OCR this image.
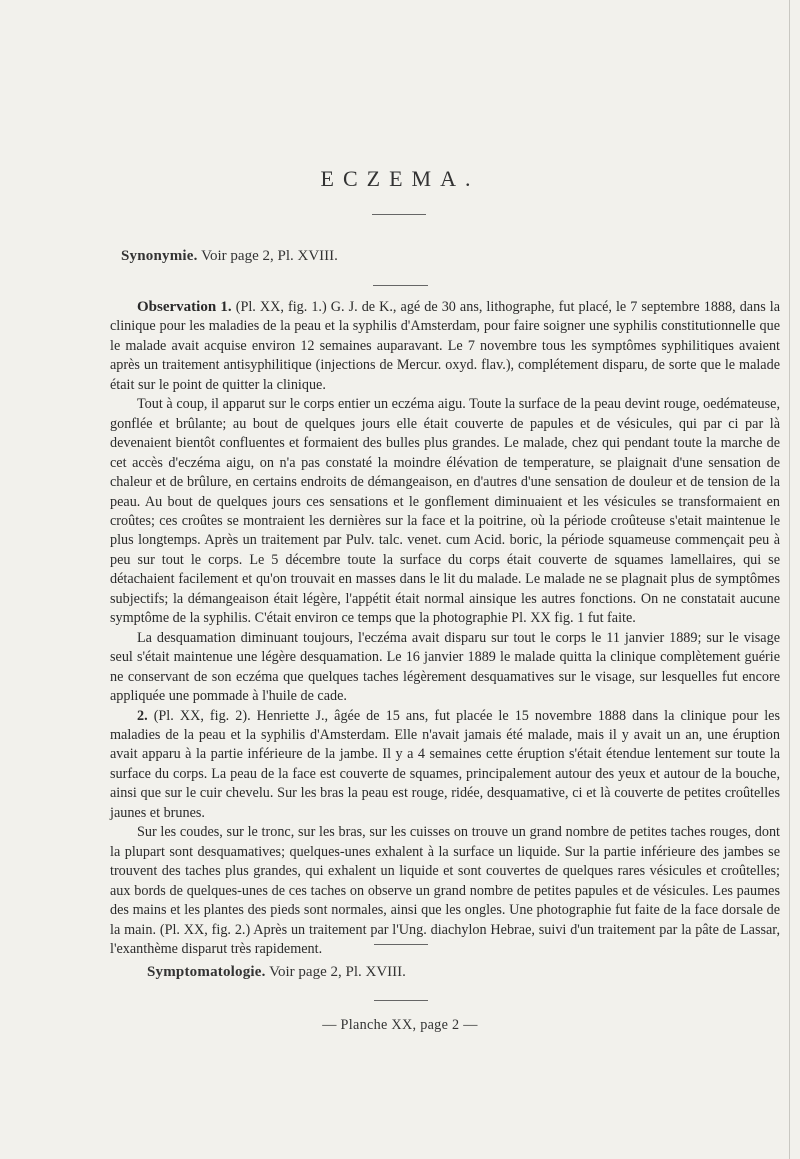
ECZEMA.
Synonymie. Voir page 2, Pl. XVIII.

Observation 1. (Pl. XX, fig. 1.) G. J. de K., agé de 30 ans, lithographe, fut placé, le 7 septembre 1888, dans la clinique pour les maladies de la peau et la syphilis d'Amsterdam, pour faire soigner une syphilis constitutionnelle que le malade avait acquise environ 12 semaines auparavant. Le 7 novembre tous les symptômes syphilitiques avaient après un traitement antisyphilitique (injections de Mercur. oxyd. flav.), complétement disparu, de sorte que le malade était sur le point de quitter la clinique.

Tout à coup, il apparut sur le corps entier un eczéma aigu. Toute la surface de la peau devint rouge, oedémateuse, gonflée et brûlante; au bout de quelques jours elle était couverte de papules et de vésicules, qui par ci par là devenaient bientôt confluentes et formaient des bulles plus grandes. Le malade, chez qui pendant toute la marche de cet accès d'eczéma aigu, on n'a pas constaté la moindre élévation de temperature, se plaignait d'une sensation de chaleur et de brûlure, en certains endroits de démangeaison, en d'autres d'une sensation de douleur et de tension de la peau. Au bout de quelques jours ces sensations et le gonflement diminuaient et les vésicules se transformaient en croûtes; ces croûtes se montraient les dernières sur la face et la poitrine, où la période croûteuse s'etait maintenue le plus longtemps. Après un traitement par Pulv. talc. venet. cum Acid. boric, la période squameuse commençait peu à peu sur tout le corps. Le 5 décembre toute la surface du corps était couverte de squames lamellaires, qui se détachaient facilement et qu'on trouvait en masses dans le lit du malade. Le malade ne se plagnait plus de symptômes subjectifs; la démangeaison était légère, l'appétit était normal ainsique les autres fonctions. On ne constatait aucune symptôme de la syphilis. C'était environ ce temps que la photographie Pl. XX fig. 1 fut faite.

La desquamation diminuant toujours, l'eczéma avait disparu sur tout le corps le 11 janvier 1889; sur le visage seul s'était maintenue une légère desquamation. Le 16 janvier 1889 le malade quitta la clinique complètement guérie ne conservant de son eczéma que quelques taches légèrement desquamatives sur le visage, sur lesquelles fut encore appliquée une pommade à l'huile de cade.

2. (Pl. XX, fig. 2). Henriette J., âgée de 15 ans, fut placée le 15 novembre 1888 dans la clinique pour les maladies de la peau et la syphilis d'Amsterdam. Elle n'avait jamais été malade, mais il y avait un an, une éruption avait apparu à la partie inférieure de la jambe. Il y a 4 semaines cette éruption s'était étendue lentement sur toute la surface du corps. La peau de la face est couverte de squames, principalement autour des yeux et autour de la bouche, ainsi que sur le cuir chevelu. Sur les bras la peau est rouge, ridée, desquamative, ci et là couverte de petites croûtelles jaunes et brunes.

Sur les coudes, sur le tronc, sur les bras, sur les cuisses on trouve un grand nombre de petites taches rouges, dont la plupart sont desquamatives; quelques-unes exhalent à la surface un liquide. Sur la partie inférieure des jambes se trouvent des taches plus grandes, qui exhalent un liquide et sont couvertes de quelques rares vésicules et croûtelles; aux bords de quelques-unes de ces taches on observe un grand nombre de petites papules et de vésicules. Les paumes des mains et les plantes des pieds sont normales, ainsi que les ongles. Une photographie fut faite de la face dorsale de la main. (Pl. XX, fig. 2.) Après un traitement par l'Ung. diachylon Hebrae, suivi d'un traitement par la pâte de Lassar, l'exanthème disparut très rapidement.

Symptomatologie. Voir page 2, Pl. XVIII.
— Planche XX, page 2 —
